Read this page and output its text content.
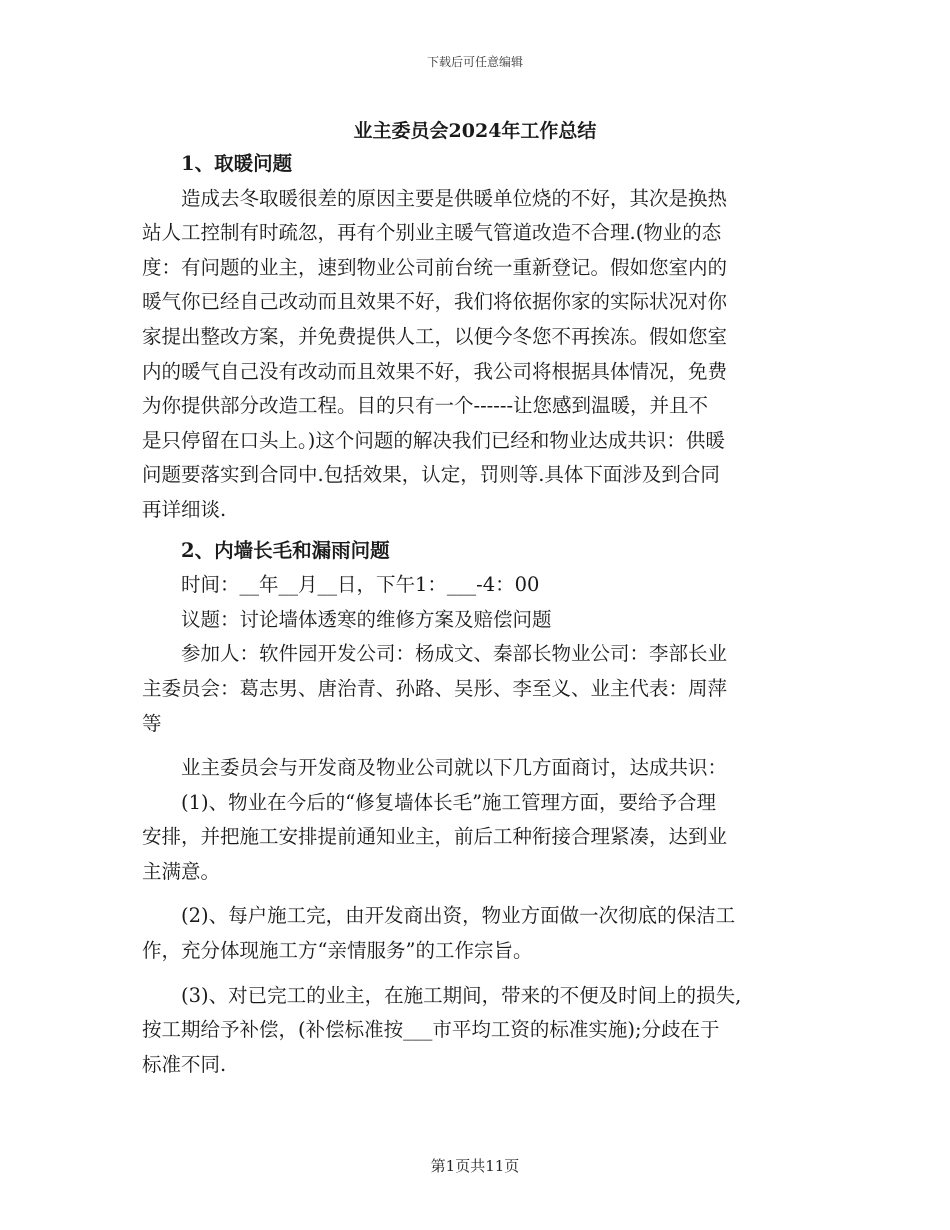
下载后可任意编辑
业主委员会2024年工作总结

1、取暖问题

造成去冬取暖很差的原因主要是供暖单位烧的不好，其次是换热
站人工控制有时疏忽，再有个别业主暖气管道改造不合理.(物业的态
度：有问题的业主，速到物业公司前台统一重新登记。假如您室内的
暖气你已经自己改动而且效果不好，我们将依据你家的实际状况对你
家提出整改方案，并免费提供人工，以便今冬您不再挨冻。假如您室
内的暖气自己没有改动而且效果不好，我公司将根据具体情况，免费
为你提供部分改造工程。目的只有一个------让您感到温暖，并且不
是只停留在口头上。)这个问题的解决我们已经和物业达成共识：供暖
问题要落实到合同中.包括效果，认定，罚则等.具体下面涉及到合同
再详细谈.

2、内墙长毛和漏雨问题

时间：__年__月__日，下午1：___-4：00

议题：讨论墙体透寒的维修方案及赔偿问题

参加人：软件园开发公司：杨成文、秦部长物业公司：李部长业
主委员会：葛志男、唐治青、孙路、吴彤、李至义、业主代表：周萍
等

业主委员会与开发商及物业公司就以下几方面商讨，达成共识：

(1)、物业在今后的“修复墙体长毛”施工管理方面，要给予合理
安排，并把施工安排提前通知业主，前后工种衔接合理紧凑，达到业
主满意。

(2)、每户施工完，由开发商出资，物业方面做一次彻底的保洁工
作，充分体现施工方“亲情服务”的工作宗旨。

(3)、对已完工的业主，在施工期间，带来的不便及时间上的损失,
按工期给予补偿，(补偿标准按___市平均工资的标准实施);分歧在于
标准不同.

第1页共11页
